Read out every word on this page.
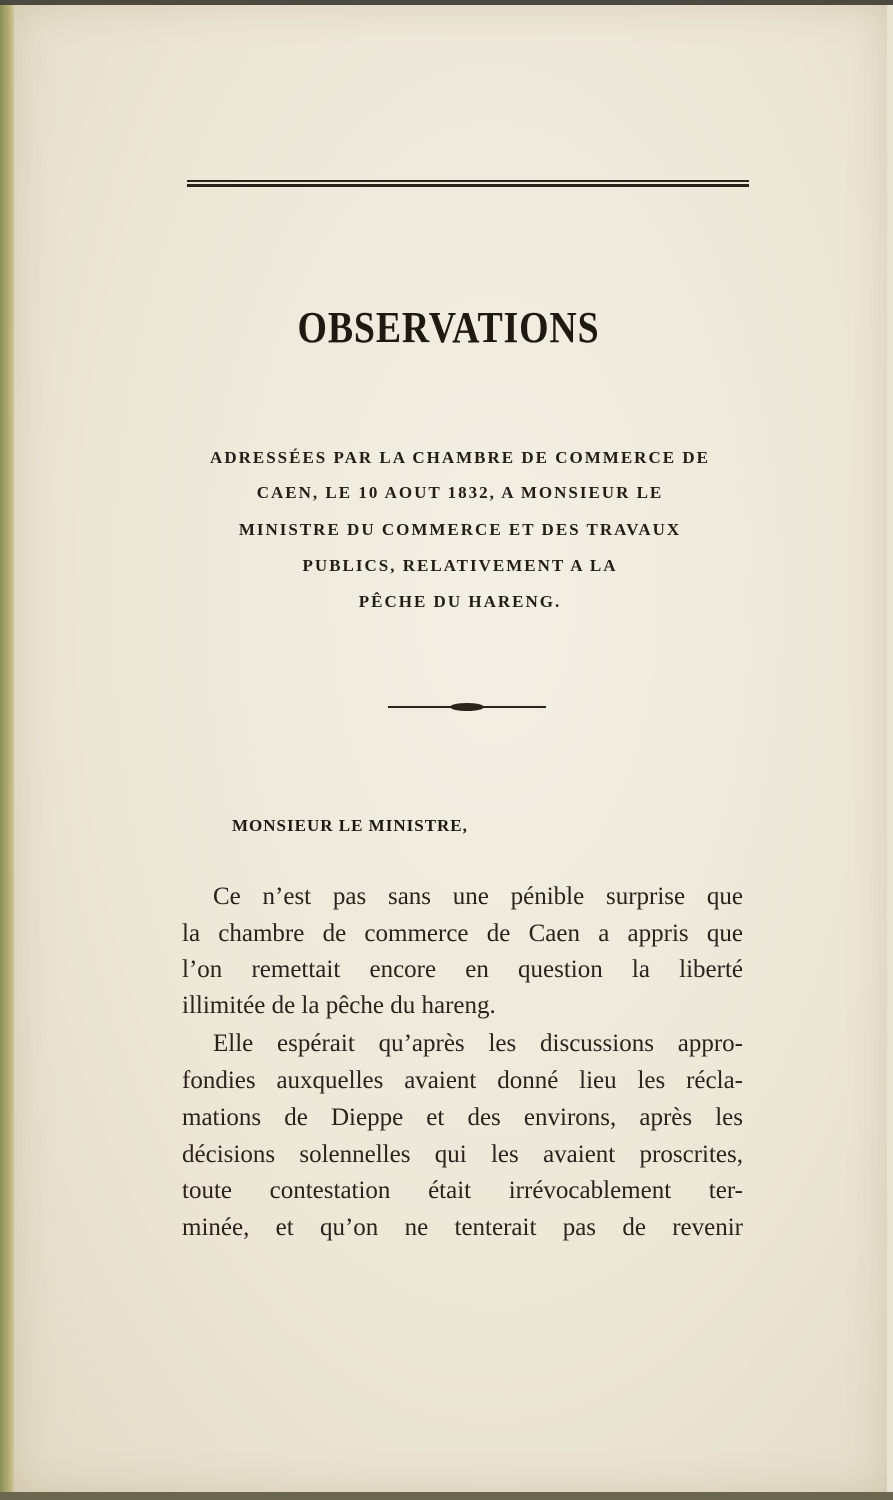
OBSERVATIONS
ADRESSÉES PAR LA CHAMBRE DE COMMERCE DE
CAEN, LE 10 AOUT 1832, A MONSIEUR LE
MINISTRE DU COMMERCE ET DES TRAVAUX
PUBLICS, RELATIVEMENT A LA
PÊCHE DU HARENG.
MONSIEUR LE MINISTRE,
Ce n’est pas sans une pénible surprise que
la chambre de commerce de Caen a appris que
l’on remettait encore en question la liberté
illimitée de la pêche du hareng.
Elle espérait qu’après les discussions appro-
fondies auxquelles avaient donné lieu les récla-
mations de Dieppe et des environs, après les
décisions solennelles qui les avaient proscrites,
toute contestation était irrévocablement ter-
minée, et qu’on ne tenterait pas de revenir
